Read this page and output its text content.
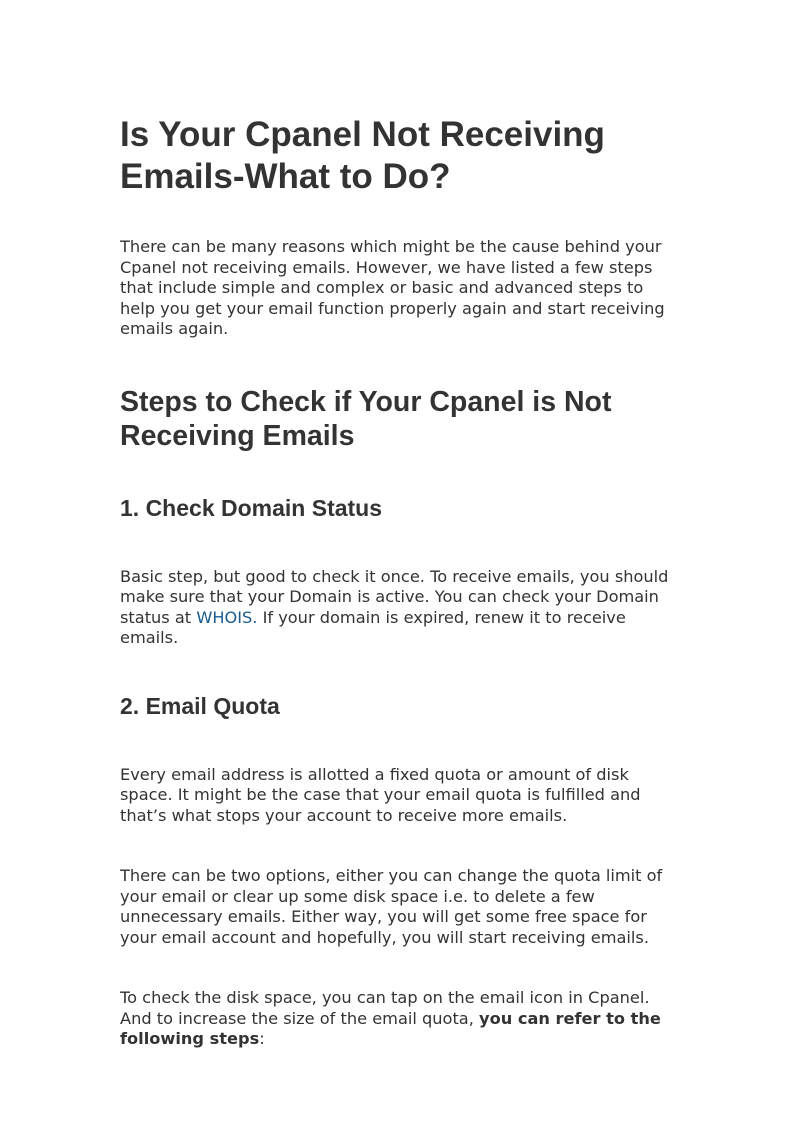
Is Your Cpanel Not Receiving Emails-What to Do?

There can be many reasons which might be the cause behind your Cpanel not receiving emails. However, we have listed a few steps that include simple and complex or basic and advanced steps to help you get your email function properly again and start receiving emails again.

Steps to Check if Your Cpanel is Not Receiving Emails
1. Check Domain Status

Basic step, but good to check it once. To receive emails, you should make sure that your Domain is active. You can check your Domain status at WHOIS. If your domain is expired, renew it to receive emails.

2. Email Quota

Every email address is allotted a fixed quota or amount of disk space. It might be the case that your email quota is fulfilled and that’s what stops your account to receive more emails.

There can be two options, either you can change the quota limit of your email or clear up some disk space i.e. to delete a few unnecessary emails. Either way, you will get some free space for your email account and hopefully, you will start receiving emails.

To check the disk space, you can tap on the email icon in Cpanel. And to increase the size of the email quota, you can refer to the following steps:
